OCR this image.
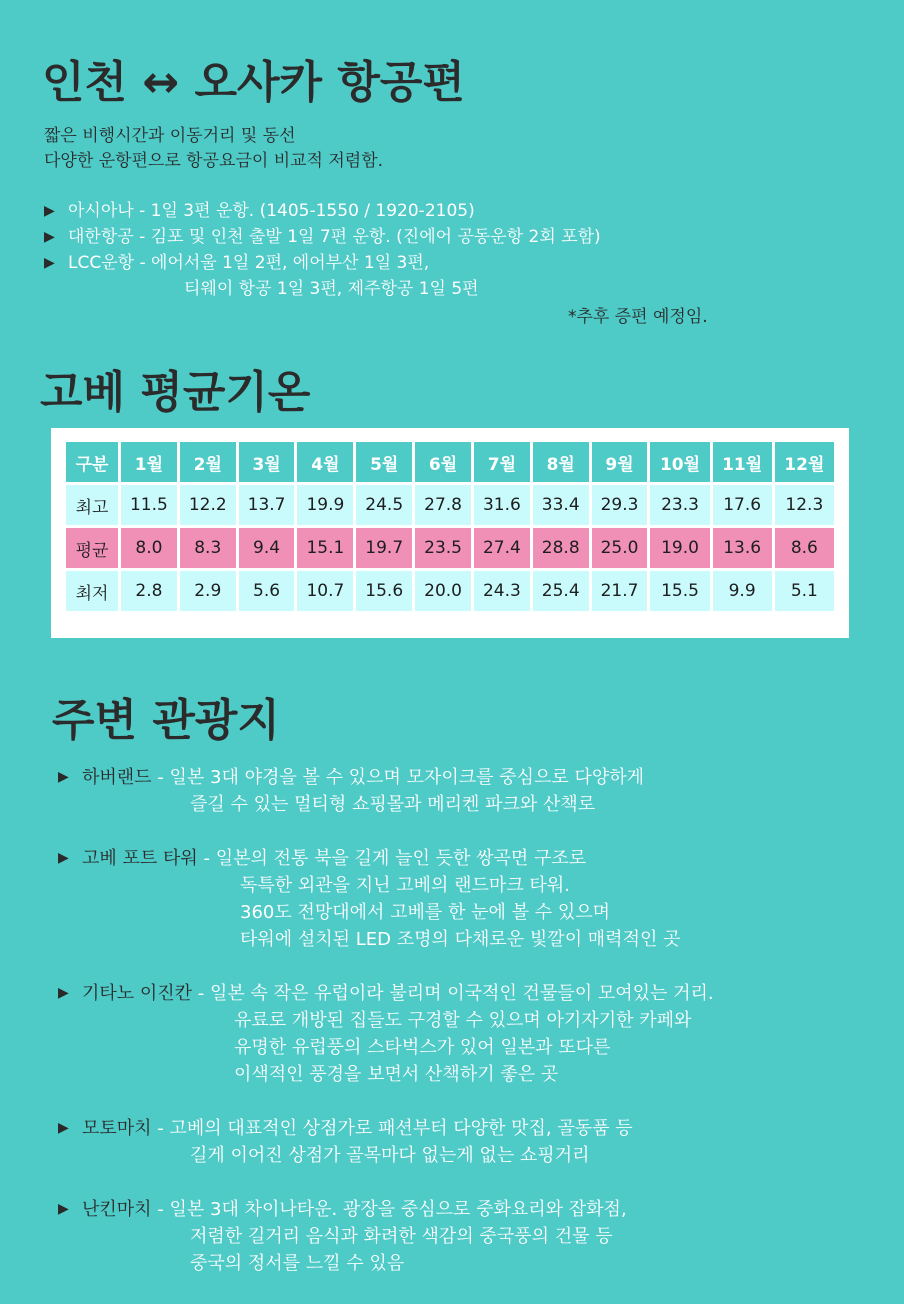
인천 ↔ 오사카 항공편
짧은 비행시간과 이동거리 및 동선
다양한 운항편으로 항공요금이 비교적 저렴함.
▶ 아시아나 - 1일 3편 운항. (1405-1550 / 1920-2105)
▶ 대한항공 - 김포 및 인천 출발 1일 7편 운항. (진에어 공동운항 2회 포함)
▶ LCC운항 - 에어서울 1일 2편, 에어부산 1일 3편,
티웨이 항공 1일 3편, 제주항공 1일 5편
*추후 증편 예정임.
고베 평균기온
구분	1월	2월	3월	4월	5월	6월	7월	8월	9월	10월	11월	12월
최고	11.5	12.2	13.7	19.9	24.5	27.8	31.6	33.4	29.3	23.3	17.6	12.3
평균	8.0	8.3	9.4	15.1	19.7	23.5	27.4	28.8	25.0	19.0	13.6	8.6
최저	2.8	2.9	5.6	10.7	15.6	20.0	24.3	25.4	21.7	15.5	9.9	5.1
주변 관광지
▶ 하버랜드 - 일본 3대 야경을 볼 수 있으며 모자이크를 중심으로 다양하게
즐길 수 있는 멀티형 쇼핑몰과 메리켄 파크와 산책로
▶ 고베 포트 타워 - 일본의 전통 북을 길게 늘인 듯한 쌍곡면 구조로
독특한 외관을 지닌 고베의 랜드마크 타워.
360도 전망대에서 고베를 한 눈에 볼 수 있으며
타워에 설치된 LED 조명의 다채로운 빛깔이 매력적인 곳
▶ 기타노 이진칸 - 일본 속 작은 유럽이라 불리며 이국적인 건물들이 모여있는 거리.
유료로 개방된 집들도 구경할 수 있으며 아기자기한 카페와
유명한 유럽풍의 스타벅스가 있어 일본과 또다른
이색적인 풍경을 보면서 산책하기 좋은 곳
▶ 모토마치 - 고베의 대표적인 상점가로 패션부터 다양한 맛집, 골동품 등
길게 이어진 상점가 골목마다 없는게 없는 쇼핑거리
▶ 난킨마치 - 일본 3대 차이나타운. 광장을 중심으로 중화요리와 잡화점,
저렴한 길거리 음식과 화려한 색감의 중국풍의 건물 등
중국의 정서를 느낄 수 있음
